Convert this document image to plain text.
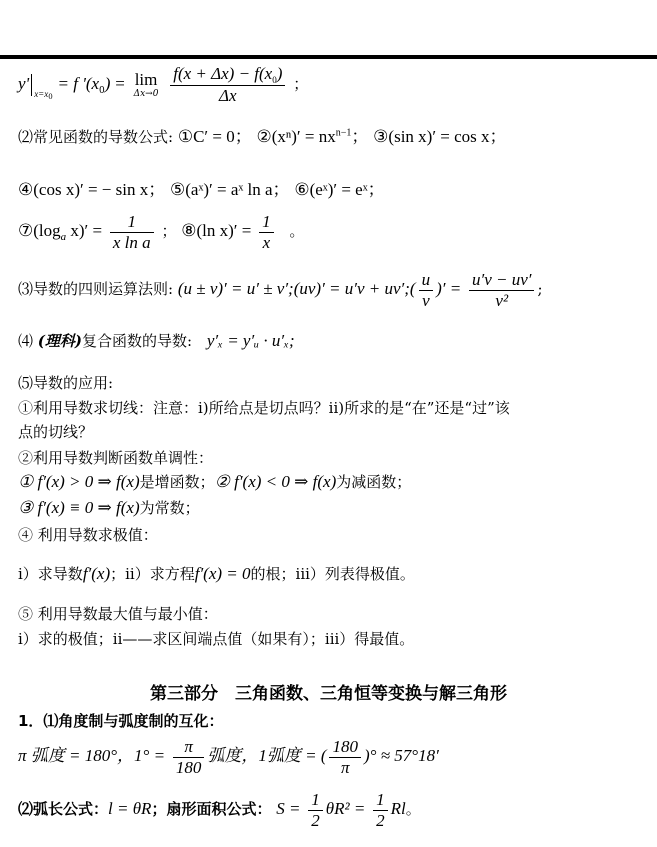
$y'_{x=x0} = f$ '$(x_0) = \lim$
Δx→0
$\frac{f(x + \Delta x) - f(x_0)}{\Delta x}$ ；
⑵常见函数的导数公式: ①C′ = 0； ②(xⁿ)′ = $nx^{n-1}$； ③(sin x)′ = cos x；
④(cos x)′ = − sin x； ⑤(aˣ)′ = aˣ ln a； ⑥(eˣ)′ = eˣ；
$⑦(\log_a$ $x)' = \frac{1}{\text{x ln a}}$ ； ⑧(ln $x)' = \frac{1}{x}$ 。
⑶导数的四则运算法则: (u ± v)′ = u′ ± v′;(uv)′ = u′v + uv′;( $\frac{u}{v}$ )′ = $\frac{u'v - uv'}{\text{v²}}$ ;
⑷ (理科)复合函数的导数: y′ₓ = y′ᵤ · u′ₓ;
⑸导数的应用:
①利用导数求切线：注意：i)所给点是切点吗？ii)所求的是“在”还是“过”该
点的切线？
②利用导数判断函数单调性：
① f′(x) > 0 ⇒ f(x)是增函数；② f′(x) < 0 ⇒ f(x)为减函数；
③ f′(x) ≡ 0 ⇒ f(x)为常数；
④ 利用导数求极值：
i）求导数f′(x)；ii）求方程f′(x) = 0的根；iii）列表得极值。
⑤ 利用导数最大值与最小值：
i）求的极值；ii——求区间端点值（如果有）；iii）得最值。
第三部分　三角函数、三角恒等变换与解三角形
1．⑴角度制与弧度制的互化：
π 弧度 = 180°，$1^\circ = \frac{\pi}{180}$ 弧度，1弧度 = ( $\frac{180}{\pi}$ )° ≈ 57°18′
⑵弧长公式：l = θR；扇形面积公式： $S = \frac{1}{2} \theta R^2 = \frac{1}{2}$ Rl。
